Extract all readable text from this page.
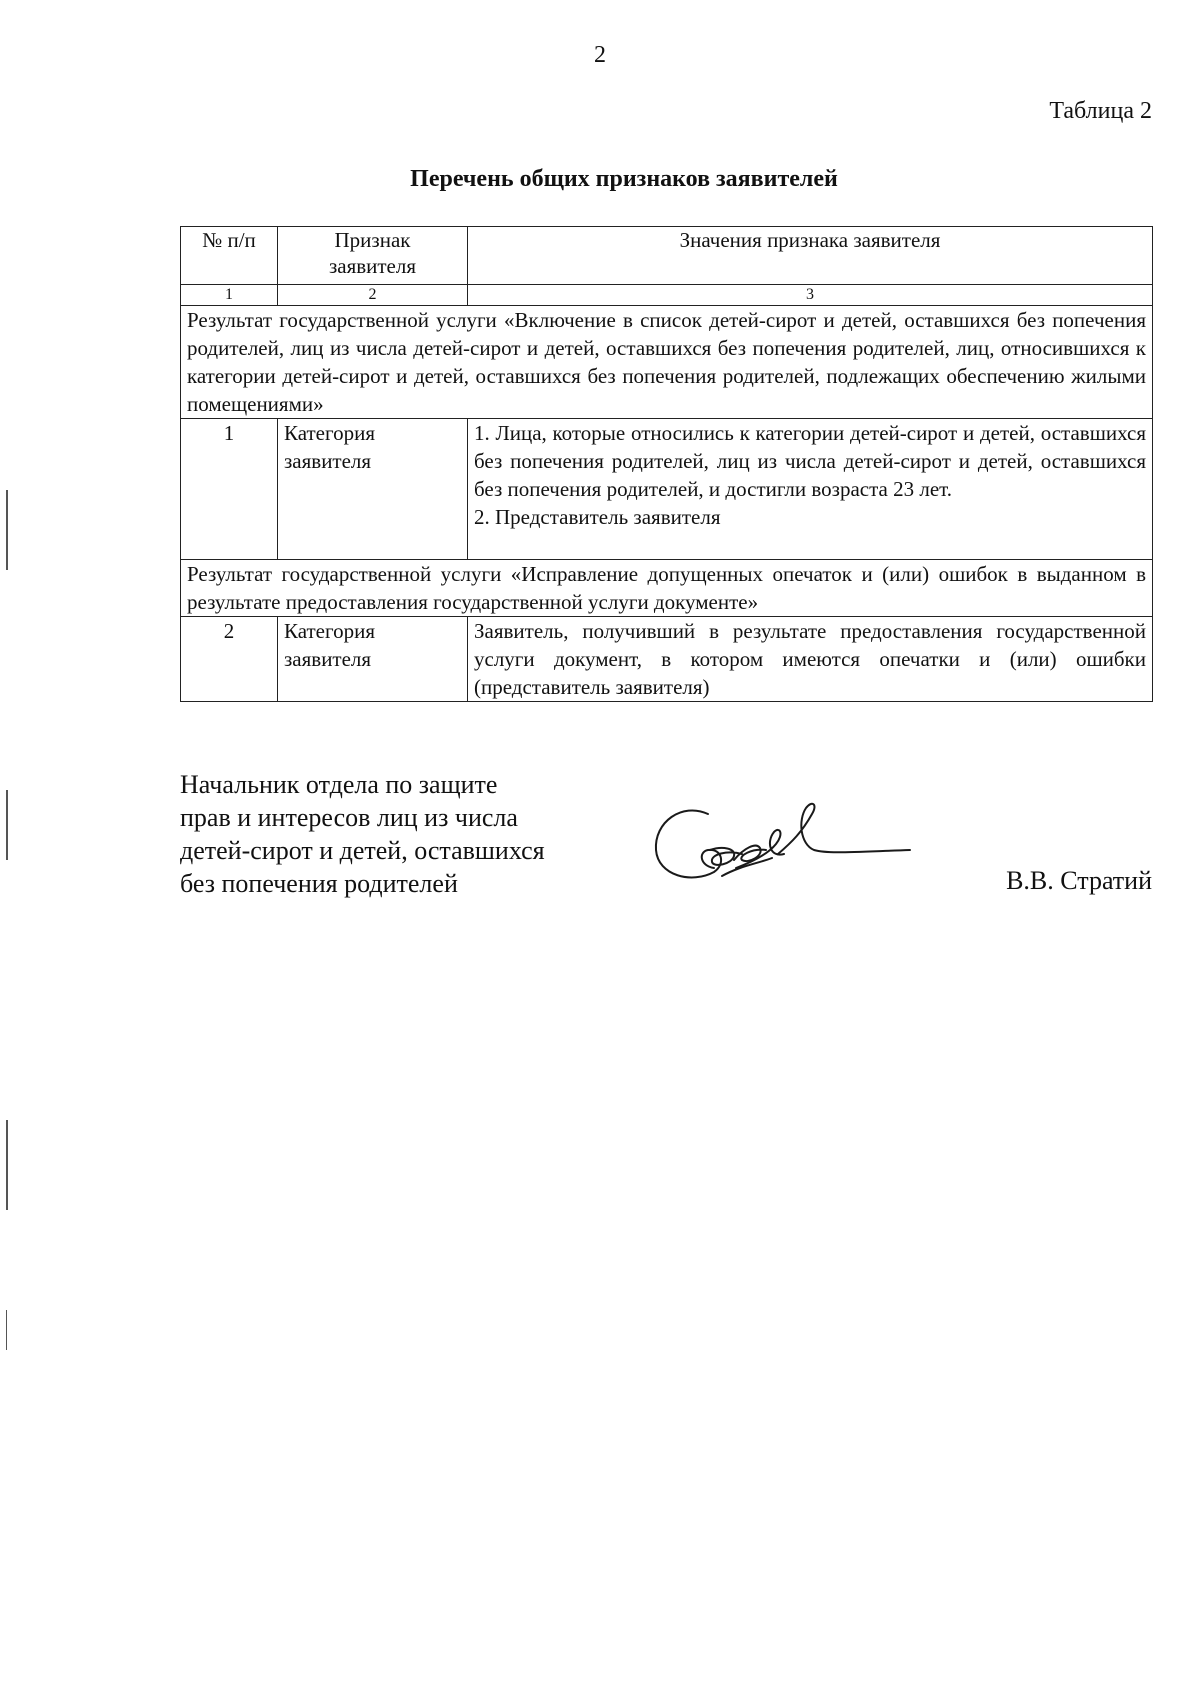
2
Таблица 2
Перечень общих признаков заявителей
№ п/п	Признак заявителя	Значения признака заявителя
1	2	3
Результат государственной услуги «Включение в список детей-сирот и детей, оставшихся без попечения родителей, лиц из числа детей-сирот и детей, оставшихся без попечения родителей, лиц, относившихся к категории детей-сирот и детей, оставшихся без попечения родителей, подлежащих обеспечению жилыми помещениями»		
1	Категория заявителя	1. Лица, которые относились к категории детей-сирот и детей, оставшихся без попечения родителей, лиц из числа детей-сирот и детей, оставшихся без попечения родителей, и достигли возраста 23 лет.
2. Представитель заявителя

Результат государственной услуги «Исправление допущенных опечаток и (или) ошибок в выданном в результате предоставления государственной услуги документе»		
2	Категория заявителя	Заявитель, получивший в результате предоставления государственной услуги документ, в котором имеются опечатки и (или) ошибки (представитель заявителя)
Начальник отдела по защите
прав и интересов лиц из числа
детей-сирот и детей, оставшихся
без попечения родителей	В.В. Стратий
